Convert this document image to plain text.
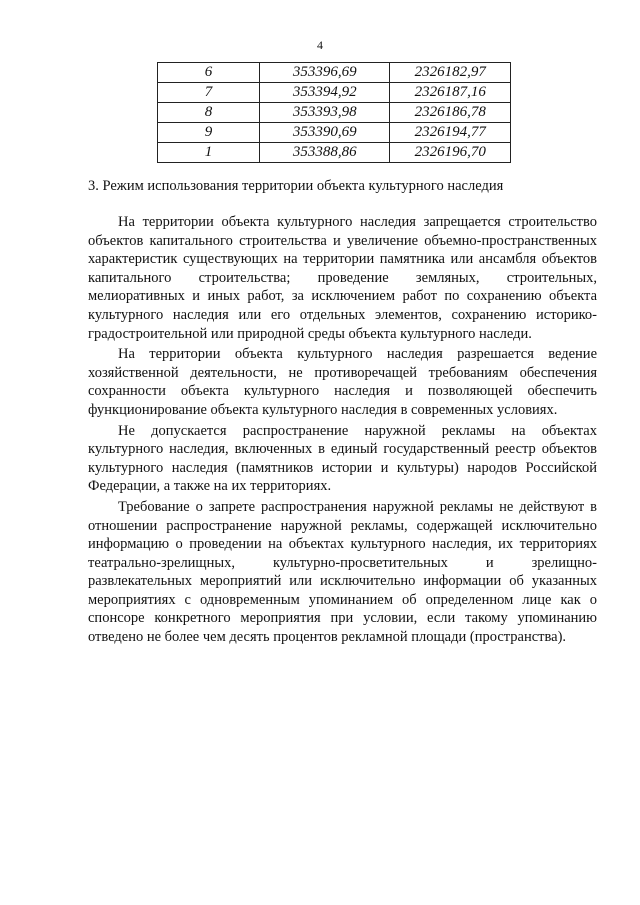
4
6	353396,69	2326182,97
7	353394,92	2326187,16
8	353393,98	2326186,78
9	353390,69	2326194,77
1	353388,86	2326196,70
3. Режим использования территории объекта культурного наследия

На территории объекта культурного наследия запрещается строительство объектов капитального строительства и увеличение объемно-пространственных характеристик существующих на территории памятника или ансамбля объектов капитального строительства; проведение земляных, строительных, мелиоративных и иных работ, за исключением работ по сохранению объекта культурного наследия или его отдельных элементов, сохранению историко-градостроительной или природной среды объекта культурного наследи.

На территории объекта культурного наследия разрешается ведение хозяйственной деятельности, не противоречащей требованиям обеспечения сохранности объекта культурного наследия и позволяющей обеспечить функционирование объекта культурного наследия в современных условиях.

Не допускается распространение наружной рекламы на объектах культурного наследия, включенных в единый государственный реестр объектов культурного наследия (памятников истории и культуры) народов Российской Федерации, а также на их территориях.

Требование о запрете распространения наружной рекламы не действуют в отношении распространение наружной рекламы, содержащей исключительно информацию о проведении на объектах культурного наследия, их территориях театрально-зрелищных, культурно-просветительных и зрелищно-развлекательных мероприятий или исключительно информации об указанных мероприятиях с одновременным упоминанием об определенном лице как о спонсоре конкретного мероприятия при условии, если такому упоминанию отведено не более чем десять процентов рекламной площади (пространства).
